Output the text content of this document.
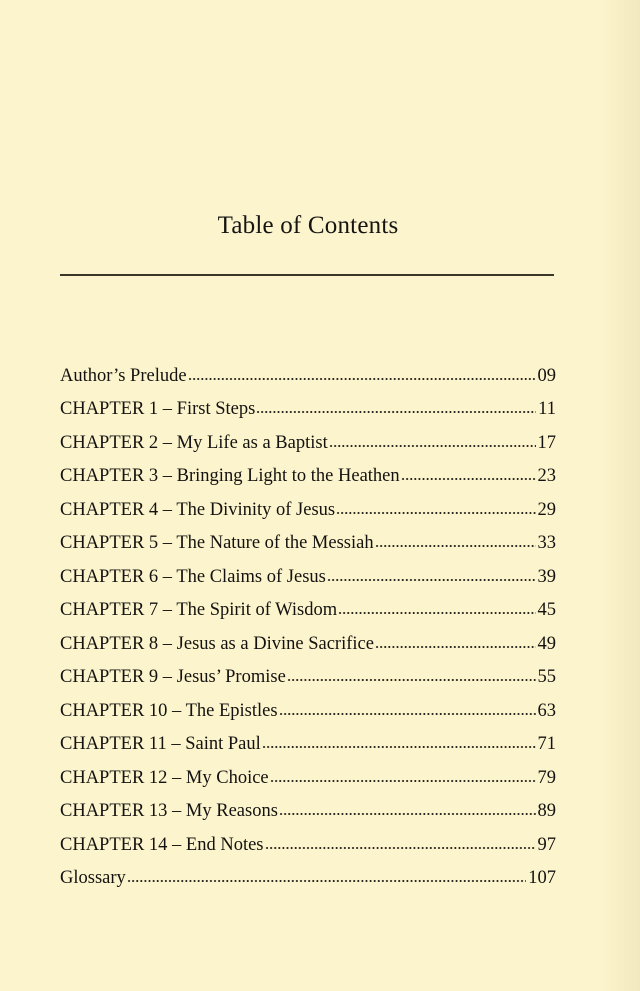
Table of Contents
Author’s Prelude	09
CHAPTER 1 – First Steps	11
CHAPTER 2 – My Life as a Baptist	17
CHAPTER 3 – Bringing Light to the Heathen	23
CHAPTER 4 – The Divinity of Jesus	29
CHAPTER 5 – The Nature of the Messiah	33
CHAPTER 6 – The Claims of Jesus	39
CHAPTER 7 – The Spirit of Wisdom	45
CHAPTER 8 – Jesus as a Divine Sacrifice	49
CHAPTER 9 – Jesus’ Promise	55
CHAPTER 10 – The Epistles	63
CHAPTER 11 – Saint Paul	71
CHAPTER 12 – My Choice	79
CHAPTER 13 – My Reasons	89
CHAPTER 14 – End Notes	97
Glossary	107
